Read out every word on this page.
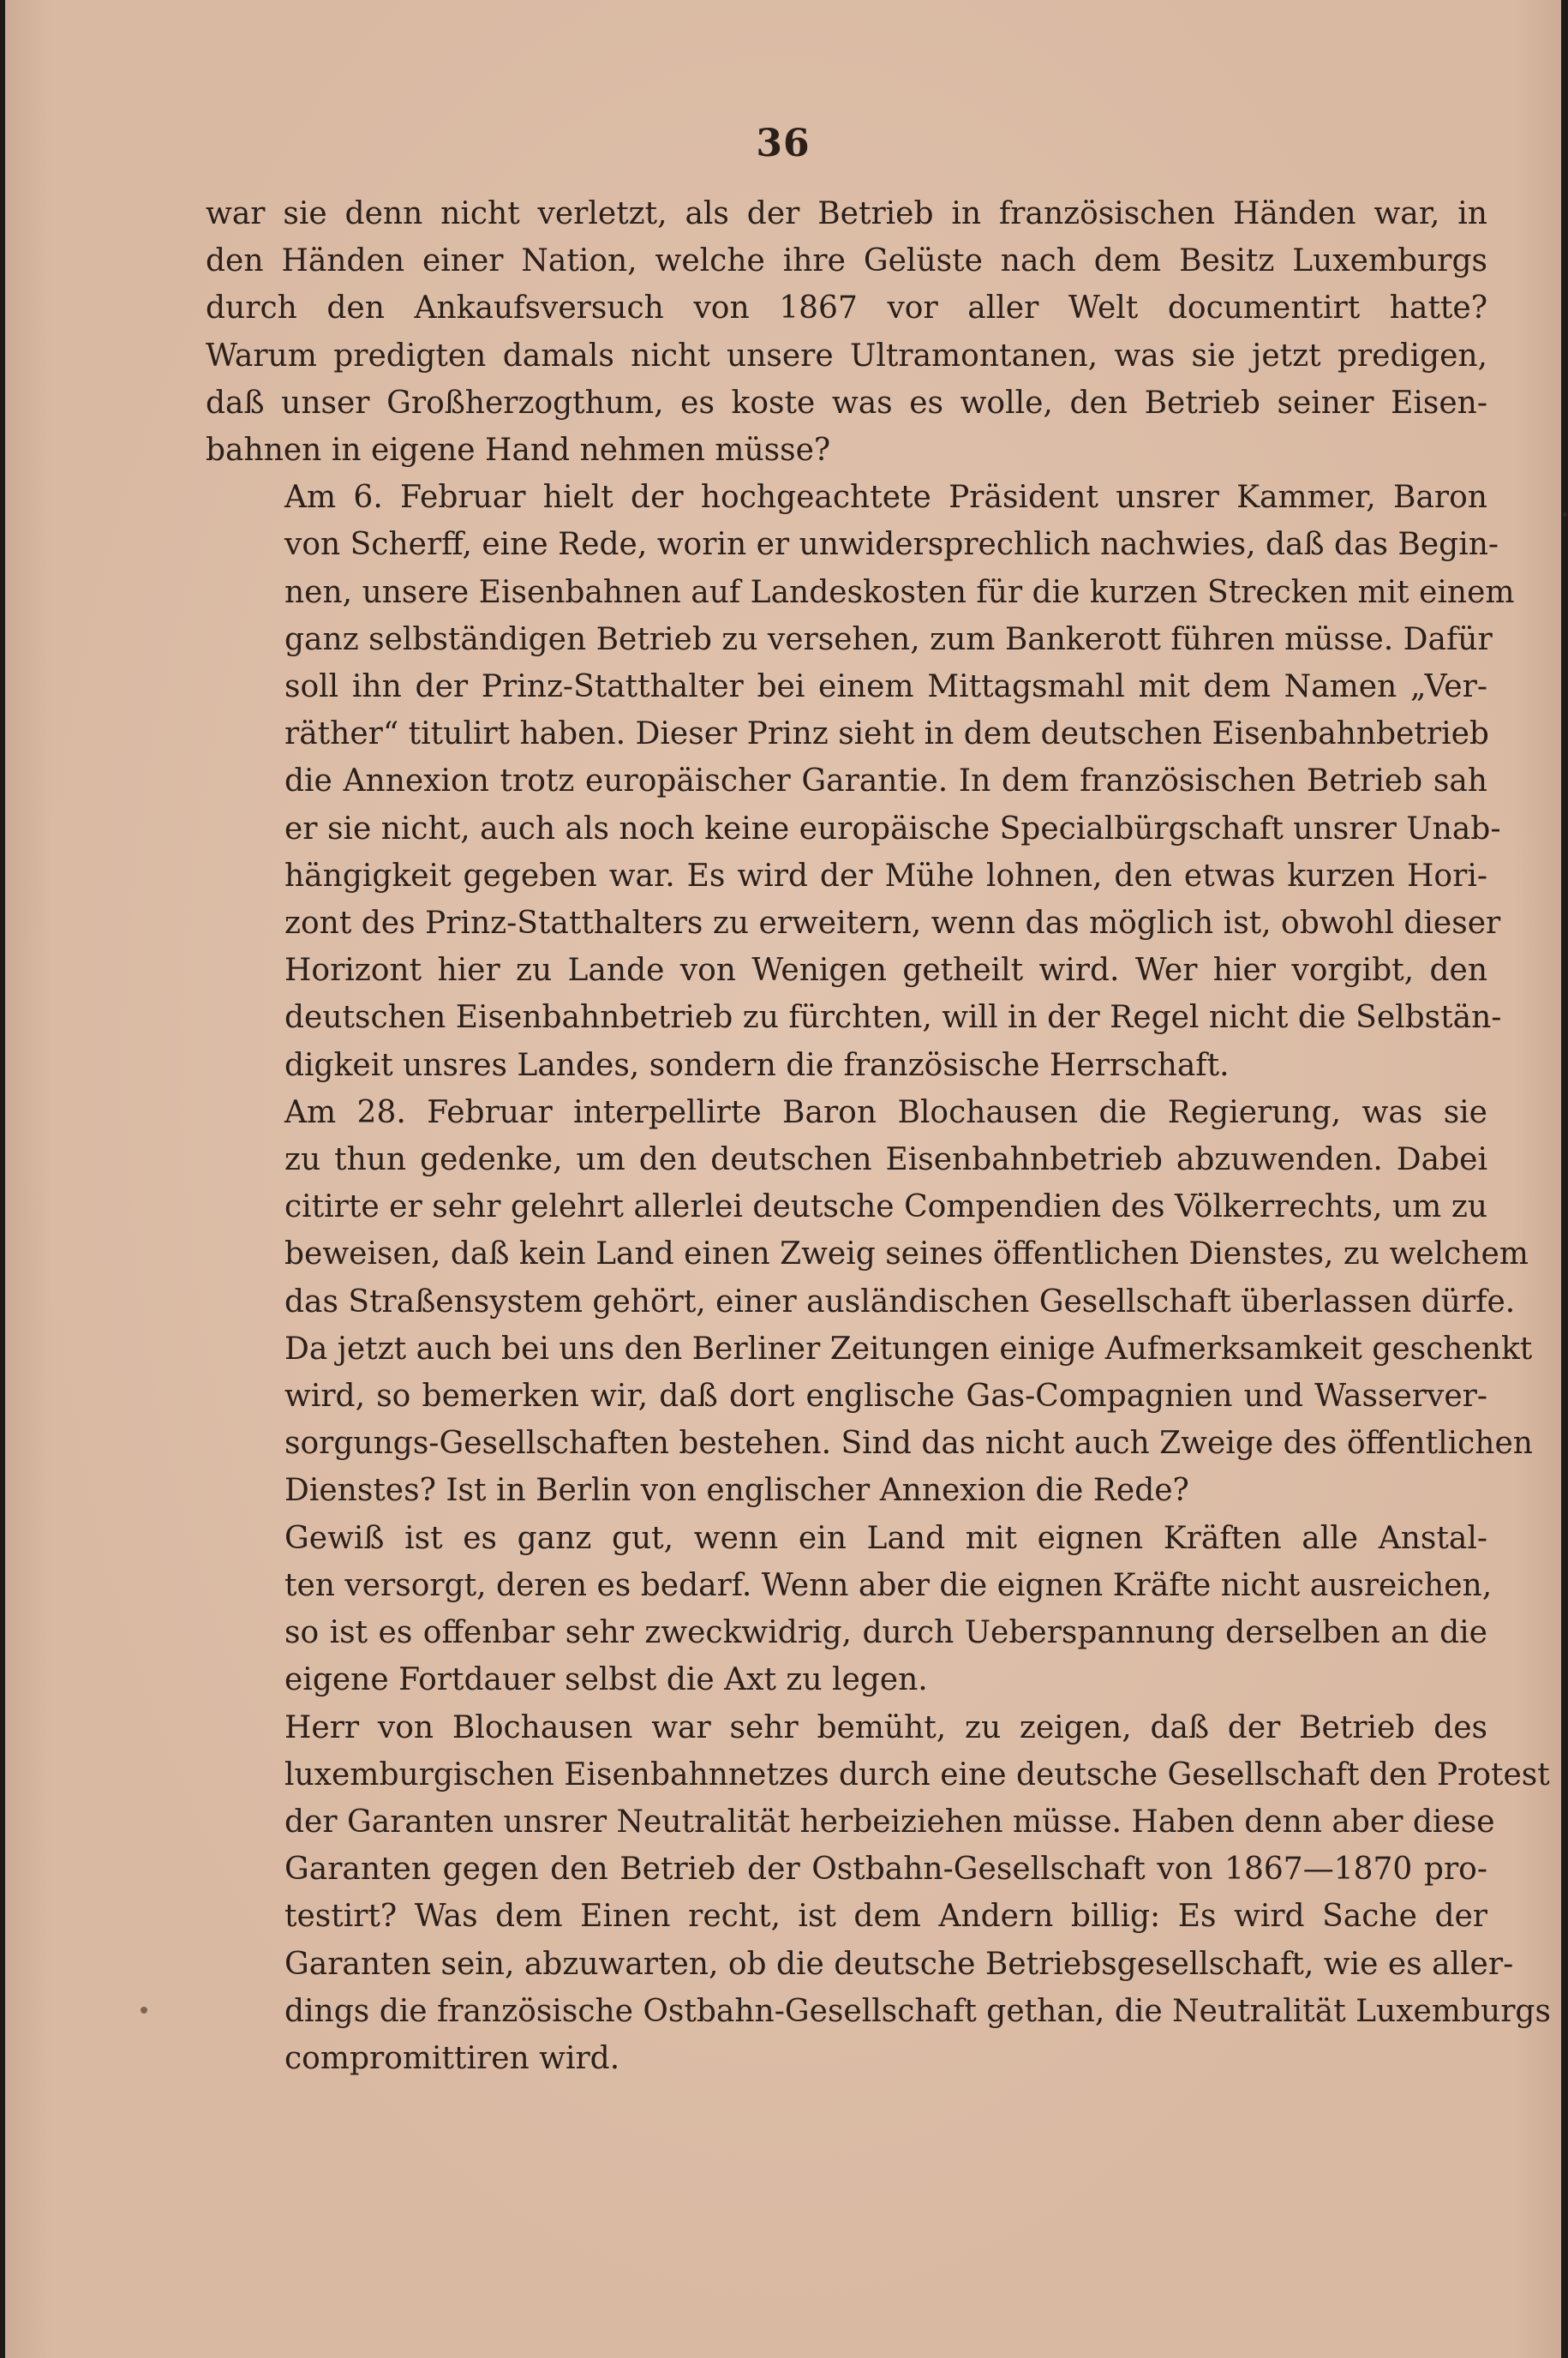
36
war sie denn nicht verletzt, als der Betrieb in französischen Händen war, in
den Händen einer Nation, welche ihre Gelüste nach dem Besitz Luxemburgs
durch den Ankaufsversuch von 1867 vor aller Welt documentirt hatte?
Warum predigten damals nicht unsere Ultramontanen, was sie jetzt predigen,
daß unser Großherzogthum, es koste was es wolle, den Betrieb seiner Eisen-
bahnen in eigene Hand nehmen müsse?
Am 6. Februar hielt der hochgeachtete Präsident unsrer Kammer, Baron
von Scherff, eine Rede, worin er unwidersprechlich nachwies, daß das Begin-
nen, unsere Eisenbahnen auf Landeskosten für die kurzen Strecken mit einem
ganz selbständigen Betrieb zu versehen, zum Bankerott führen müsse. Dafür
soll ihn der Prinz-Statthalter bei einem Mittagsmahl mit dem Namen „Ver-
räther“ titulirt haben. Dieser Prinz sieht in dem deutschen Eisenbahnbetrieb
die Annexion trotz europäischer Garantie. In dem französischen Betrieb sah
er sie nicht, auch als noch keine europäische Specialbürgschaft unsrer Unab-
hängigkeit gegeben war. Es wird der Mühe lohnen, den etwas kurzen Hori-
zont des Prinz-Statthalters zu erweitern, wenn das möglich ist, obwohl dieser
Horizont hier zu Lande von Wenigen getheilt wird. Wer hier vorgibt, den
deutschen Eisenbahnbetrieb zu fürchten, will in der Regel nicht die Selbstän-
digkeit unsres Landes, sondern die französische Herrschaft.
Am 28. Februar interpellirte Baron Blochausen die Regierung, was sie
zu thun gedenke, um den deutschen Eisenbahnbetrieb abzuwenden. Dabei
citirte er sehr gelehrt allerlei deutsche Compendien des Völkerrechts, um zu
beweisen, daß kein Land einen Zweig seines öffentlichen Dienstes, zu welchem
das Straßensystem gehört, einer ausländischen Gesellschaft überlassen dürfe.
Da jetzt auch bei uns den Berliner Zeitungen einige Aufmerksamkeit geschenkt
wird, so bemerken wir, daß dort englische Gas-Compagnien und Wasserver-
sorgungs-Gesellschaften bestehen. Sind das nicht auch Zweige des öffentlichen
Dienstes? Ist in Berlin von englischer Annexion die Rede?
Gewiß ist es ganz gut, wenn ein Land mit eignen Kräften alle Anstal-
ten versorgt, deren es bedarf. Wenn aber die eignen Kräfte nicht ausreichen,
so ist es offenbar sehr zweckwidrig, durch Ueberspannung derselben an die
eigene Fortdauer selbst die Axt zu legen.
Herr von Blochausen war sehr bemüht, zu zeigen, daß der Betrieb des
luxemburgischen Eisenbahnnetzes durch eine deutsche Gesellschaft den Protest
der Garanten unsrer Neutralität herbeiziehen müsse. Haben denn aber diese
Garanten gegen den Betrieb der Ostbahn-Gesellschaft von 1867—1870 pro-
testirt? Was dem Einen recht, ist dem Andern billig: Es wird Sache der
Garanten sein, abzuwarten, ob die deutsche Betriebsgesellschaft, wie es aller-
dings die französische Ostbahn-Gesellschaft gethan, die Neutralität Luxemburgs
compromittiren wird.
